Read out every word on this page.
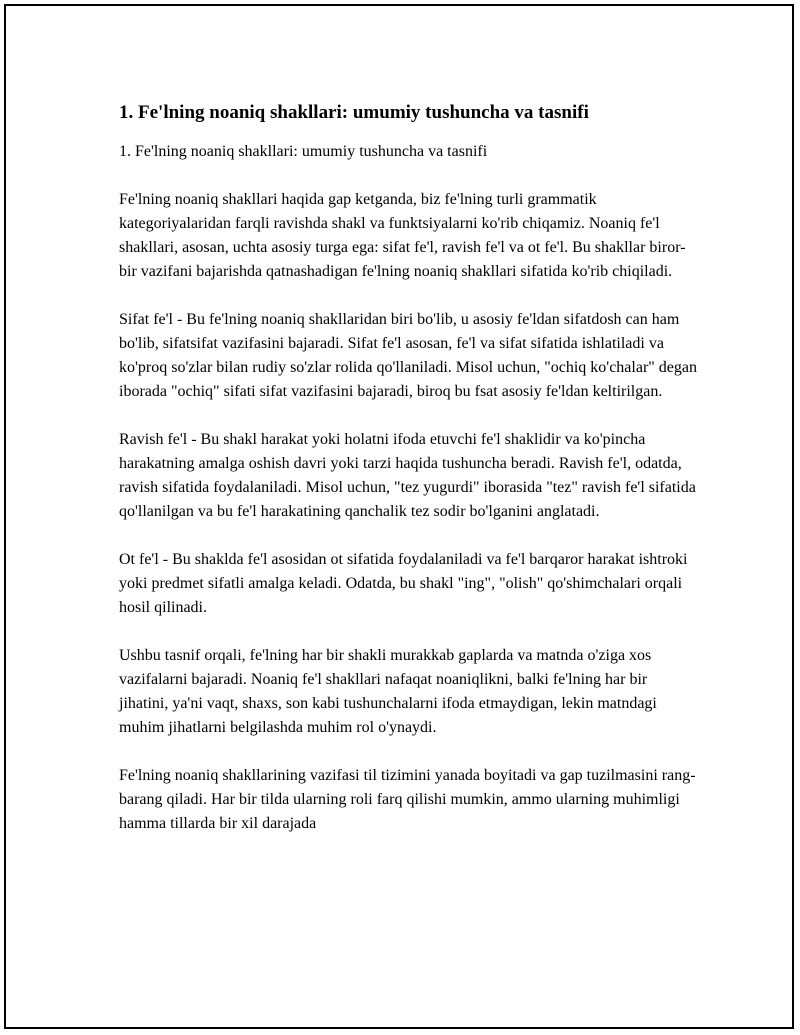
1. Fe'lning noaniq shakllari: umumiy tushuncha va tasnifi

1. Fe'lning noaniq shakllari: umumiy tushuncha va tasnifi

Fe'lning noaniq shakllari haqida gap ketganda, biz fe'lning turli grammatik kategoriyalaridan farqli ravishda shakl va funktsiyalarni ko'rib chiqamiz. Noaniq fe'l shakllari, asosan, uchta asosiy turga ega: sifat fe'l, ravish fe'l va ot fe'l. Bu shakllar biror-bir vazifani bajarishda qatnashadigan fe'lning noaniq shakllari sifatida ko'rib chiqiladi.

Sifat fe'l - Bu fe'lning noaniq shakllaridan biri bo'lib, u asosiy fe'ldan sifatdosh can ham bo'lib, sifatsifat vazifasini bajaradi. Sifat fe'l asosan, fe'l va sifat sifatida ishlatiladi va ko'proq so'zlar bilan rudiy so'zlar rolida qo'llaniladi. Misol uchun, "ochiq ko'chalar" degan iborada "ochiq" sifati sifat vazifasini bajaradi, biroq bu fsat asosiy fe'ldan keltirilgan.

Ravish fe'l - Bu shakl harakat yoki holatni ifoda etuvchi fe'l shaklidir va ko'pincha harakatning amalga oshish davri yoki tarzi haqida tushuncha beradi. Ravish fe'l, odatda, ravish sifatida foydalaniladi. Misol uchun, "tez yugurdi" iborasida "tez" ravish fe'l sifatida qo'llanilgan va bu fe'l harakatining qanchalik tez sodir bo'lganini anglatadi.

Ot fe'l - Bu shaklda fe'l asosidan ot sifatida foydalaniladi va fe'l barqaror harakat ishtroki yoki predmet sifatli amalga keladi. Odatda, bu shakl "ing", "olish" qo'shimchalari orqali hosil qilinadi.

Ushbu tasnif orqali, fe'lning har bir shakli murakkab gaplarda va matnda o'ziga xos vazifalarni bajaradi. Noaniq fe'l shakllari nafaqat noaniqlikni, balki fe'lning har bir jihatini, ya'ni vaqt, shaxs, son kabi tushunchalarni ifoda etmaydigan, lekin matndagi muhim jihatlarni belgilashda muhim rol o'ynaydi.

Fe'lning noaniq shakllarining vazifasi til tizimini yanada boyitadi va gap tuzilmasini rang-barang qiladi. Har bir tilda ularning roli farq qilishi mumkin, ammo ularning muhimligi hamma tillarda bir xil darajada
